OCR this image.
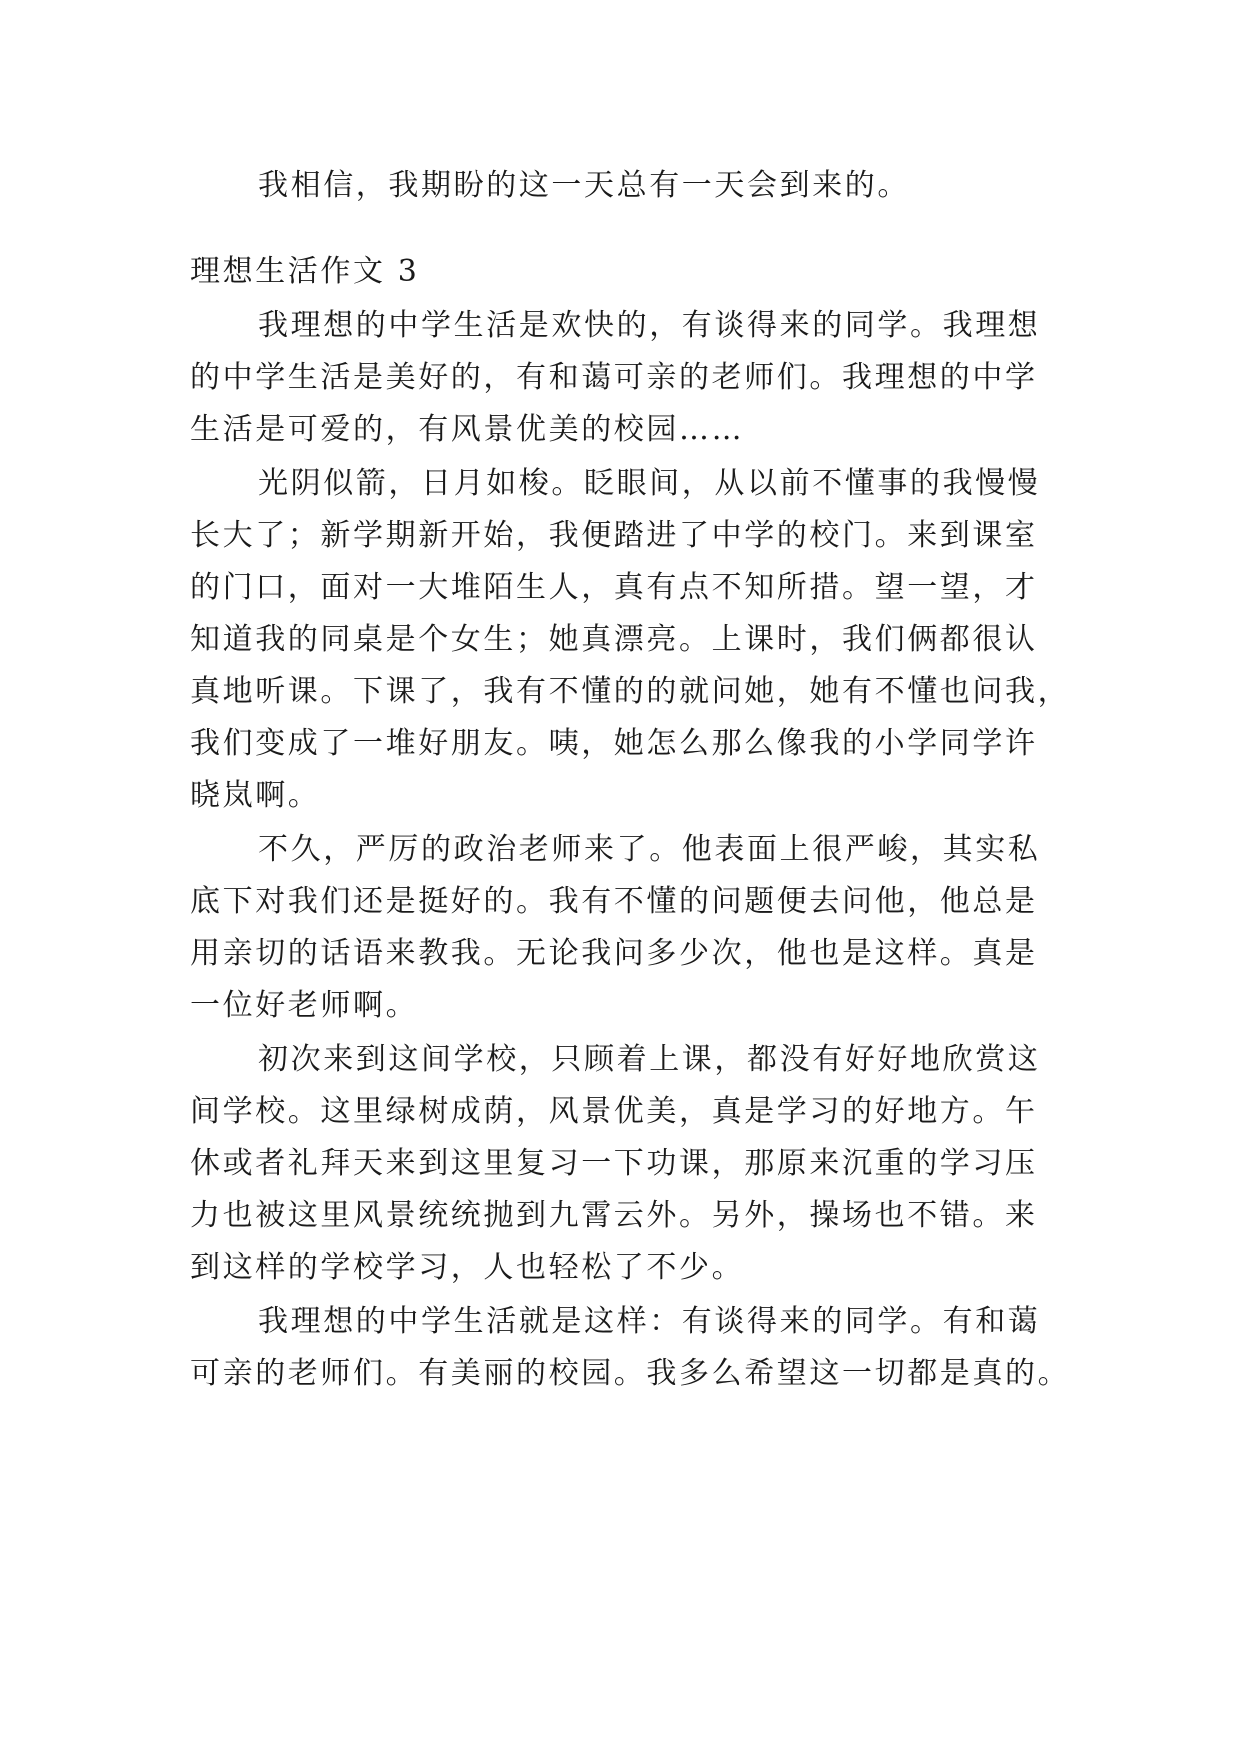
我相信，我期盼的这一天总有一天会到来的。
理想生活作文 3
我理想的中学生活是欢快的，有谈得来的同学。我理想
的中学生活是美好的，有和蔼可亲的老师们。我理想的中学
生活是可爱的，有风景优美的校园……
光阴似箭，日月如梭。眨眼间，从以前不懂事的我慢慢
长大了；新学期新开始，我便踏进了中学的校门。来到课室
的门口，面对一大堆陌生人，真有点不知所措。望一望，才
知道我的同桌是个女生；她真漂亮。上课时，我们俩都很认
真地听课。下课了，我有不懂的的就问她，她有不懂也问我，
我们变成了一堆好朋友。咦，她怎么那么像我的小学同学许
晓岚啊。
不久，严厉的政治老师来了。他表面上很严峻，其实私
底下对我们还是挺好的。我有不懂的问题便去问他，他总是
用亲切的话语来教我。无论我问多少次，他也是这样。真是
一位好老师啊。
初次来到这间学校，只顾着上课，都没有好好地欣赏这
间学校。这里绿树成荫，风景优美，真是学习的好地方。午
休或者礼拜天来到这里复习一下功课，那原来沉重的学习压
力也被这里风景统统抛到九霄云外。另外，操场也不错。来
到这样的学校学习，人也轻松了不少。
我理想的中学生活就是这样：有谈得来的同学。有和蔼
可亲的老师们。有美丽的校园。我多么希望这一切都是真的。
